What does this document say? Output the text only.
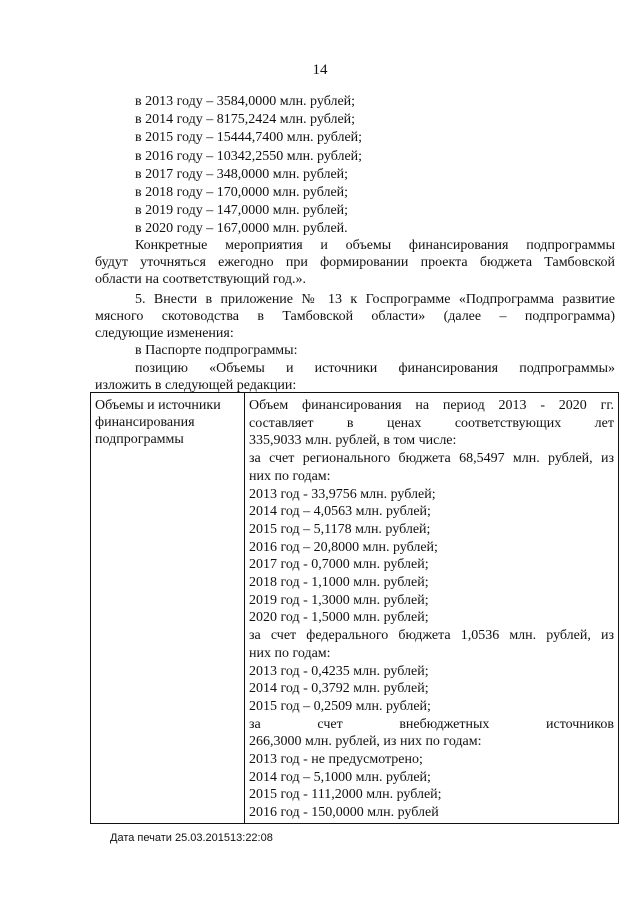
14
в 2013 году – 3584,0000 млн. рублей;
в 2014 году – 8175,2424 млн. рублей;
в 2015 году – 15444,7400 млн. рублей;
в 2016 году – 10342,2550 млн. рублей;
в 2017 году – 348,0000 млн. рублей;
в 2018 году – 170,0000 млн. рублей;
в 2019 году – 147,0000 млн. рублей;
в 2020 году – 167,0000 млн. рублей.
Конкретные мероприятия и объемы финансирования подпрограммы
будут уточняться ежегодно при формировании проекта бюджета Тамбовской
области на соответствующий год.».
5. Внести в приложение № 13 к Госпрограмме «Подпрограмма развитие
мясного скотоводства в Тамбовской области» (далее – подпрограмма)
следующие изменения:
в Паспорте подпрограммы:
позицию «Объемы и источники финансирования подпрограммы»
изложить в следующей редакции:
Объемы и источники
финансирования
подпрограммы
Объем финансирования на период 2013 - 2020 гг.
составляет в ценах соответствующих лет
335,9033 млн. рублей, в том числе:
за счет регионального бюджета 68,5497 млн. рублей, из
них по годам:
2013 год - 33,9756 млн. рублей;
2014 год – 4,0563 млн. рублей;
2015 год – 5,1178 млн. рублей;
2016 год – 20,8000 млн. рублей;
2017 год - 0,7000 млн. рублей;
2018 год - 1,1000 млн. рублей;
2019 год - 1,3000 млн. рублей;
2020 год - 1,5000 млн. рублей;
за счет федерального бюджета 1,0536 млн. рублей, из
них по годам:
2013 год - 0,4235 млн. рублей;
2014 год - 0,3792 млн. рублей;
2015 год – 0,2509 млн. рублей;
за счет внебюджетных источников
266,3000 млн. рублей, из них по годам:
2013 год - не предусмотрено;
2014 год – 5,1000 млн. рублей;
2015 год - 111,2000 млн. рублей;
2016 год - 150,0000 млн. рублей
Дата печати 25.03.201513:22:08
